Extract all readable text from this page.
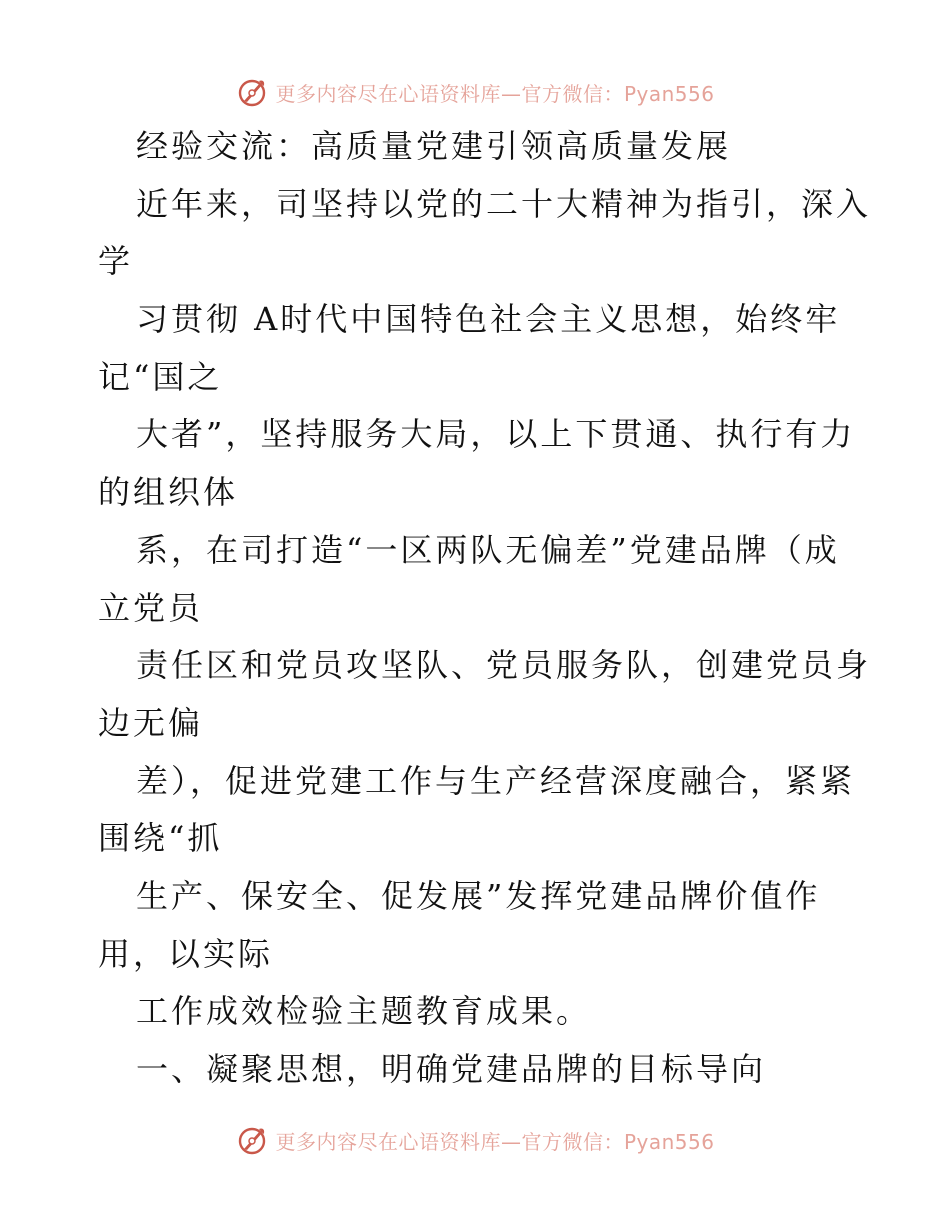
更多内容尽在心语资料库—官方微信：Pyan556
经验交流：高质量党建引领高质量发展
近年来，司坚持以党的二十大精神为指引，深入
学
习贯彻 A时代中国特色社会主义思想，始终牢
记“国之
大者”，坚持服务大局，以上下贯通、执行有力
的组织体
系，在司打造“一区两队无偏差”党建品牌（成
立党员
责任区和党员攻坚队、党员服务队，创建党员身
边无偏
差），促进党建工作与生产经营深度融合，紧紧
围绕“抓
生产、保安全、促发展”发挥党建品牌价值作
用，以实际
工作成效检验主题教育成果。
一、凝聚思想，明确党建品牌的目标导向
更多内容尽在心语资料库—官方微信：Pyan556
